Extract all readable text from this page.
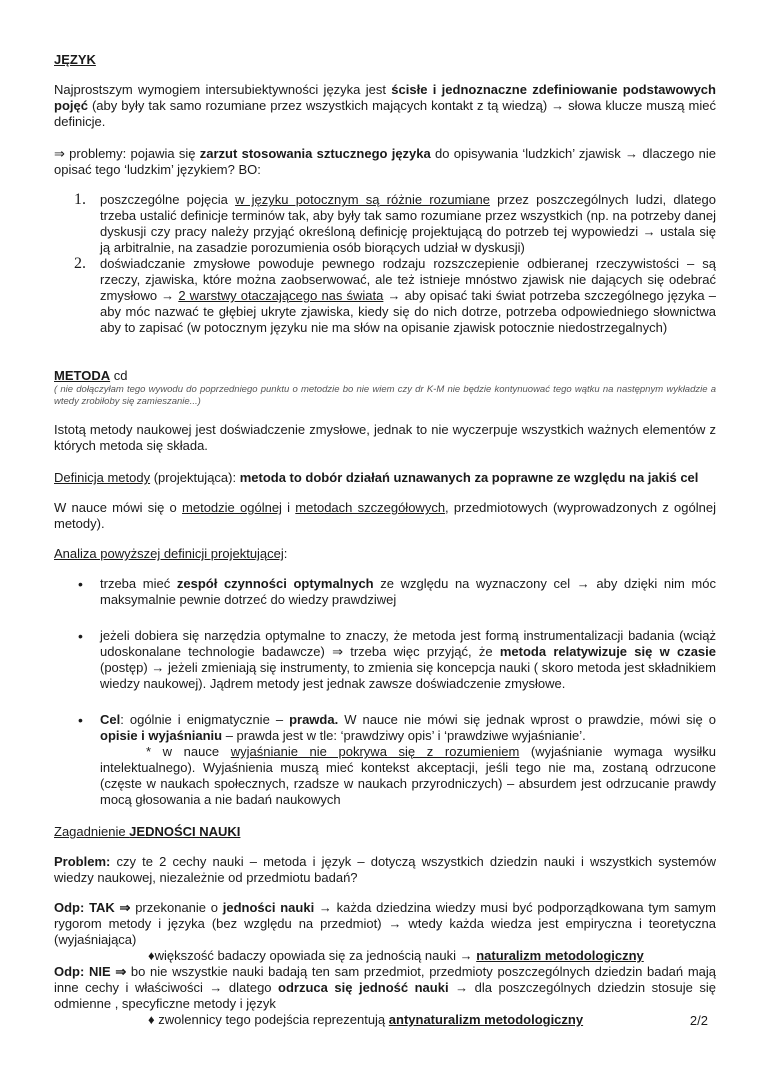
JĘZYK

Najprostszym wymogiem intersubiektywności języka jest ścisłe i jednoznaczne zdefiniowanie podstawowych pojęć (aby były tak samo rozumiane przez wszystkich mających kontakt z tą wiedzą) → słowa klucze muszą mieć definicje.

⇒ problemy: pojawia się zarzut stosowania sztucznego języka do opisywania ‘ludzkich’ zjawisk → dlaczego nie opisać tego ‘ludzkim’ językiem? BO:

1. poszczególne pojęcia w języku potocznym są różnie rozumiane przez poszczególnych ludzi, dlatego trzeba ustalić definicje terminów tak, aby były tak samo rozumiane przez wszystkich (np. na potrzeby danej dyskusji czy pracy należy przyjąć określoną definicję projektującą do potrzeb tej wypowiedzi → ustala się ją arbitralnie, na zasadzie porozumienia osób biorących udział w dyskusji)

2. doświadczanie zmysłowe powoduje pewnego rodzaju rozszczepienie odbieranej rzeczywistości – są rzeczy, zjawiska, które można zaobserwować, ale też istnieje mnóstwo zjawisk nie dających się odebrać zmysłowo → 2 warstwy otaczającego nas świata → aby opisać taki świat potrzeba szczególnego języka – aby móc nazwać te głębiej ukryte zjawiska, kiedy się do nich dotrze, potrzeba odpowiedniego słownictwa aby to zapisać (w potocznym języku nie ma słów na opisanie zjawisk potocznie niedostrzegalnych)

METODA cd

( nie dołączyłam tego wywodu do poprzedniego punktu o metodzie bo nie wiem czy dr K-M nie będzie kontynuować tego wątku na następnym wykładzie a wtedy zrobiłoby się zamieszanie...)

Istotą metody naukowej jest doświadczenie zmysłowe, jednak to nie wyczerpuje wszystkich ważnych elementów z których metoda się składa.

Definicja metody (projektująca): metoda to dobór działań uznawanych za poprawne ze względu na jakiś cel

W nauce mówi się o metodzie ogólnej i metodach szczegółowych, przedmiotowych (wyprowadzonych z ogólnej metody).

Analiza powyższej definicji projektującej:

• trzeba mieć zespół czynności optymalnych ze względu na wyznaczony cel → aby dzięki nim móc maksymalnie pewnie dotrzeć do wiedzy prawdziwej

• jeżeli dobiera się narzędzia optymalne to znaczy, że metoda jest formą instrumentalizacji badania (wciąż udoskonalane technologie badawcze) ⇒ trzeba więc przyjąć, że metoda relatywizuje się w czasie (postęp) → jeżeli zmieniają się instrumenty, to zmienia się koncepcja nauki ( skoro metoda jest składnikiem wiedzy naukowej). Jądrem metody jest jednak zawsze doświadczenie zmysłowe.

• Cel: ogólnie i enigmatycznie – prawda. W nauce nie mówi się jednak wprost o prawdzie, mówi się o opisie i wyjaśnianiu – prawda jest w tle: ‘prawdziwy opis’ i ‘prawdziwe wyjaśnianie’.

* w nauce wyjaśnianie nie pokrywa się z rozumieniem (wyjaśnianie wymaga wysiłku intelektualnego). Wyjaśnienia muszą mieć kontekst akceptacji, jeśli tego nie ma, zostaną odrzucone (częste w naukach społecznych, rzadsze w naukach przyrodniczych) – absurdem jest odrzucanie prawdy mocą głosowania a nie badań naukowych

Zagadnienie JEDNOŚCI NAUKI

Problem: czy te 2 cechy nauki – metoda i język – dotyczą wszystkich dziedzin nauki i wszystkich systemów wiedzy naukowej, niezależnie od przedmiotu badań?

Odp: TAK ⇒ przekonanie o jedności nauki → każda dziedzina wiedzy musi być podporządkowana tym samym rygorom metody i języka (bez względu na przedmiot) → wtedy każda wiedza jest empiryczna i teoretyczna (wyjaśniająca)

♦większość badaczy opowiada się za jednością nauki → naturalizm metodologiczny

Odp: NIE ⇒ bo nie wszystkie nauki badają ten sam przedmiot, przedmioty poszczególnych dziedzin badań mają inne cechy i właściwości → dlatego odrzuca się jedność nauki → dla poszczególnych dziedzin stosuje się odmienne , specyficzne metody i język

♦ zwolennicy tego podejścia reprezentują antynaturalizm metodologiczny	2/2
